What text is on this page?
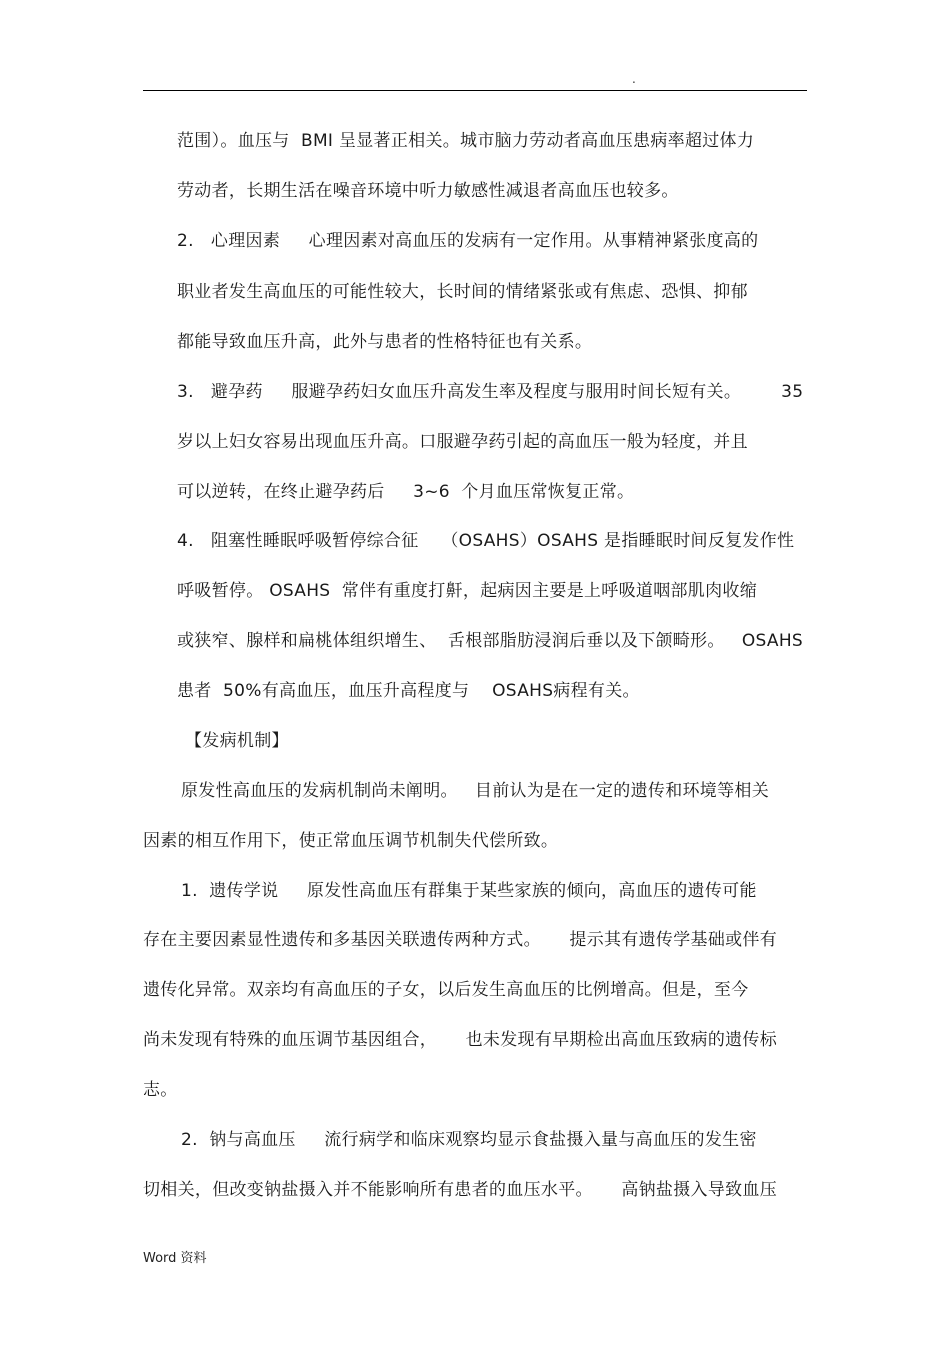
.
范围）。血压与  BMI 呈显著正相关。城市脑力劳动者高血压患病率超过体力
劳动者，长期生活在噪音环境中听力敏感性减退者高血压也较多。
2.   心理因素     心理因素对高血压的发病有一定作用。从事精神紧张度高的
职业者发生高血压的可能性较大，长时间的情绪紧张或有焦虑、恐惧、抑郁
都能导致血压升高，此外与患者的性格特征也有关系。
3.   避孕药     服避孕药妇女血压升高发生率及程度与服用时间长短有关。       35
岁以上妇女容易出现血压升高。口服避孕药引起的高血压一般为轻度，并且
可以逆转，在终止避孕药后     3~6  个月血压常恢复正常。
4.   阻塞性睡眠呼吸暂停综合征    （OSAHS）OSAHS 是指睡眠时间反复发作性
呼吸暂停。 OSAHS  常伴有重度打鼾，起病因主要是上呼吸道咽部肌肉收缩
或狭窄、腺样和扁桃体组织增生、  舌根部脂肪浸润后垂以及下颌畸形。   OSAHS
患者  50%有高血压，血压升高程度与    OSAHS病程有关。
【发病机制】
原发性高血压的发病机制尚未阐明。   目前认为是在一定的遗传和环境等相关
因素的相互作用下，使正常血压调节机制失代偿所致。
1.  遗传学说     原发性高血压有群集于某些家族的倾向，高血压的遗传可能
存在主要因素显性遗传和多基因关联遗传两种方式。     提示其有遗传学基础或伴有
遗传化异常。双亲均有高血压的子女，以后发生高血压的比例增高。但是，至今
尚未发现有特殊的血压调节基因组合，     也未发现有早期检出高血压致病的遗传标
志。
2.  钠与高血压     流行病学和临床观察均显示食盐摄入量与高血压的发生密
切相关，但改变钠盐摄入并不能影响所有患者的血压水平。     高钠盐摄入导致血压
Word 资料
